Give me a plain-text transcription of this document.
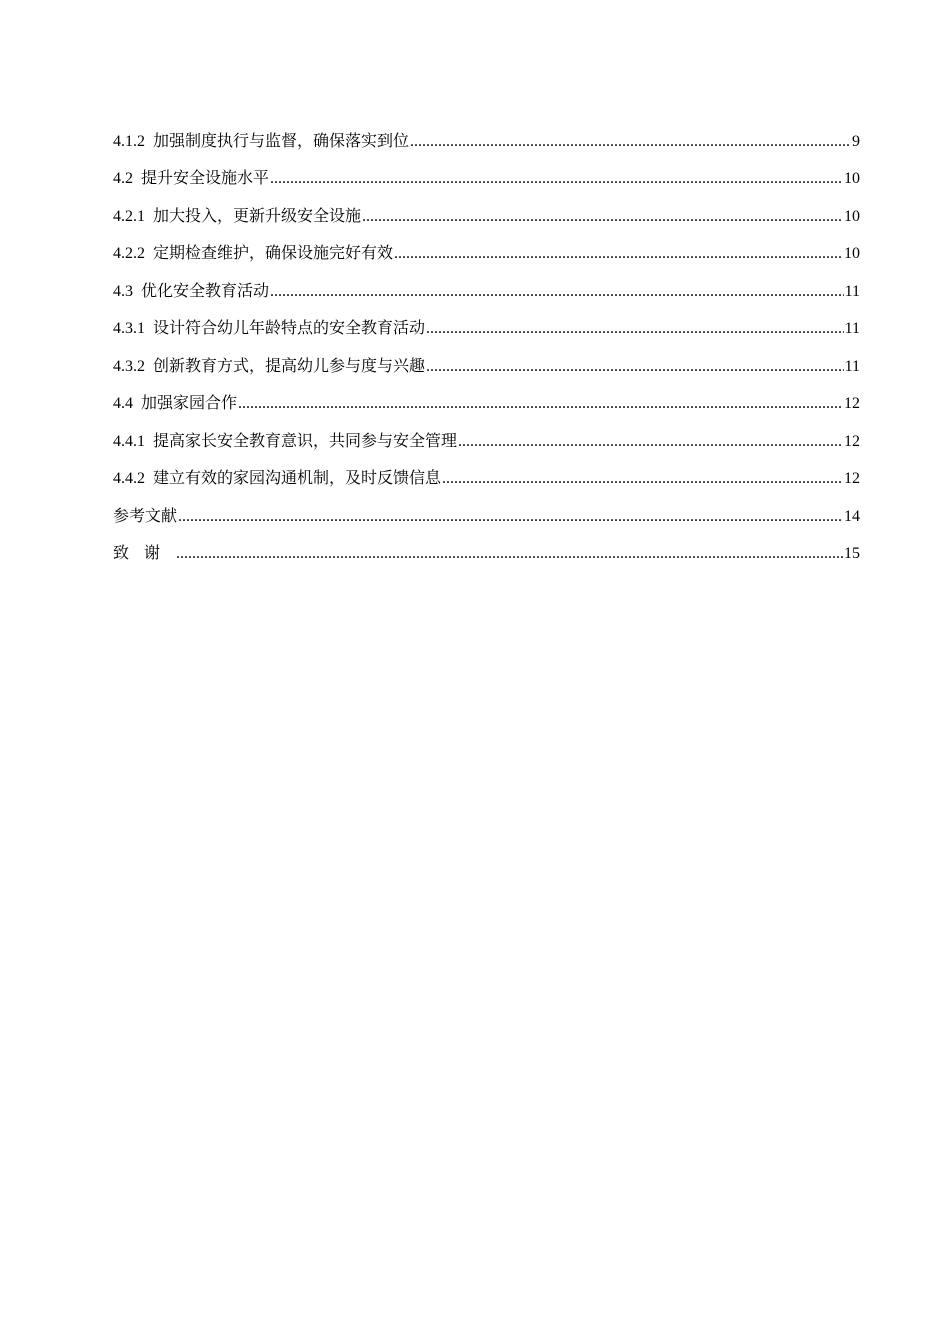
4.1.2 加强制度执行与监督，确保落实到位 .....	9
4.2 提升安全设施水平 .....	10
4.2.1 加大投入，更新升级安全设施 .....	10
4.2.2 定期检查维护，确保设施完好有效 .....	10
4.3 优化安全教育活动 .....	11
4.3.1 设计符合幼儿年龄特点的安全教育活动 .....	11
4.3.2 创新教育方式，提高幼儿参与度与兴趣 .....	11
4.4 加强家园合作 .....	12
4.4.1 提高家长安全教育意识，共同参与安全管理 .....	12
4.4.2 建立有效的家园沟通机制，及时反馈信息 .....	12
参考文献 .....	14
致谢 .....	15
